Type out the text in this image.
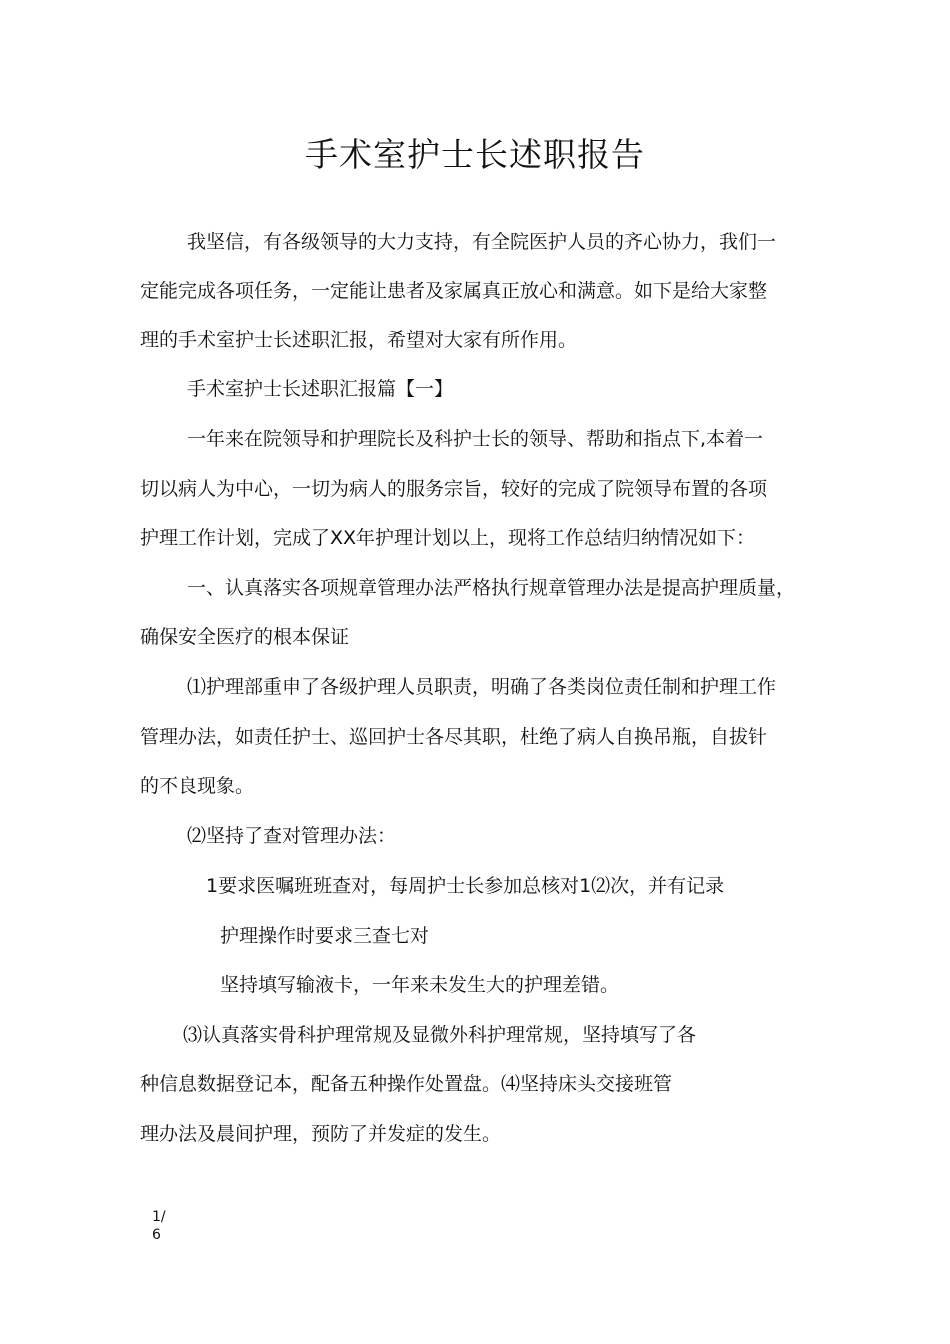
手术室护士长述职报告
我坚信，有各级领导的大力支持，有全院医护人员的齐心协力，我们一
定能完成各项任务，一定能让患者及家属真正放心和满意。如下是给大家整
理的手术室护士长述职汇报，希望对大家有所作用。
手术室护士长述职汇报篇【一】
一年来在院领导和护理院长及科护士长的领导、帮助和指点下,本着一
切以病人为中心，一切为病人的服务宗旨，较好的完成了院领导布置的各项
护理工作计划，完成了XX年护理计划以上，现将工作总结归纳情况如下：
一、认真落实各项规章管理办法严格执行规章管理办法是提高护理质量，
确保安全医疗的根本保证
⑴护理部重申了各级护理人员职责，明确了各类岗位责任制和护理工作
管理办法，如责任护士、巡回护士各尽其职，杜绝了病人自换吊瓶，自拔针
的不良现象。
⑵坚持了查对管理办法：
1要求医嘱班班查对，每周护士长参加总核对1⑵次，并有记录
护理操作时要求三查七对
坚持填写输液卡，一年来未发生大的护理差错。
⑶认真落实骨科护理常规及显微外科护理常规，坚持填写了各
种信息数据登记本，配备五种操作处置盘。⑷坚持床头交接班管
理办法及晨间护理，预防了并发症的发生。
1/
6
